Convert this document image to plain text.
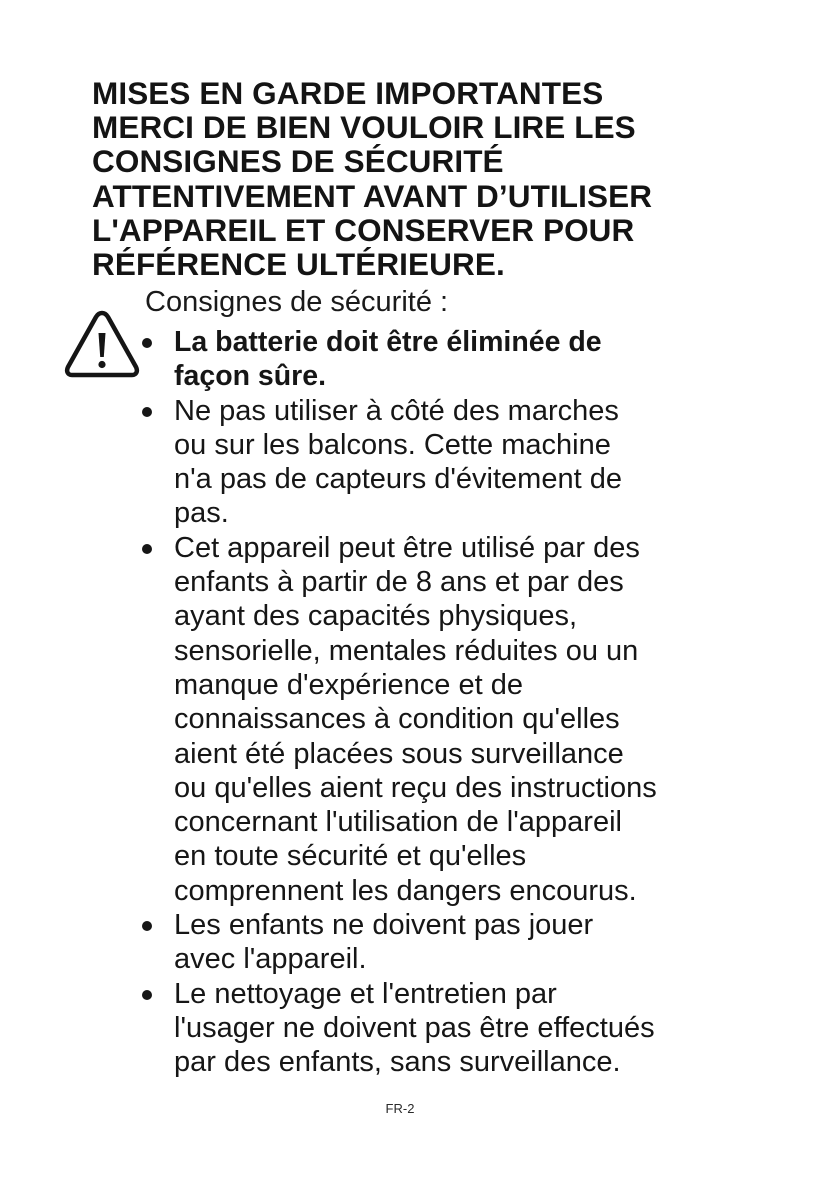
MISES EN GARDE IMPORTANTES
MERCI DE BIEN VOULOIR LIRE LES
CONSIGNES DE SÉCURITÉ
ATTENTIVEMENT AVANT D’UTILISER
L'APPAREIL ET CONSERVER POUR
RÉFÉRENCE ULTÉRIEURE.

Consignes de sécurité :

La batterie doit être éliminée de
façon sûre.
Ne pas utiliser à côté des marches
ou sur les balcons. Cette machine
n'a pas de capteurs d'évitement de
pas.
Cet appareil peut être utilisé par des
enfants à partir de 8 ans et par des
ayant des capacités physiques,
sensorielle, mentales réduites ou un
manque d'expérience et de
connaissances à condition qu'elles
aient été placées sous surveillance
ou qu'elles aient reçu des instructions
concernant l'utilisation de l'appareil
en toute sécurité et qu'elles
comprennent les dangers encourus.
Les enfants ne doivent pas jouer
avec l'appareil.
Le nettoyage et l'entretien par
l'usager ne doivent pas être effectués
par des enfants, sans surveillance.
FR-2
